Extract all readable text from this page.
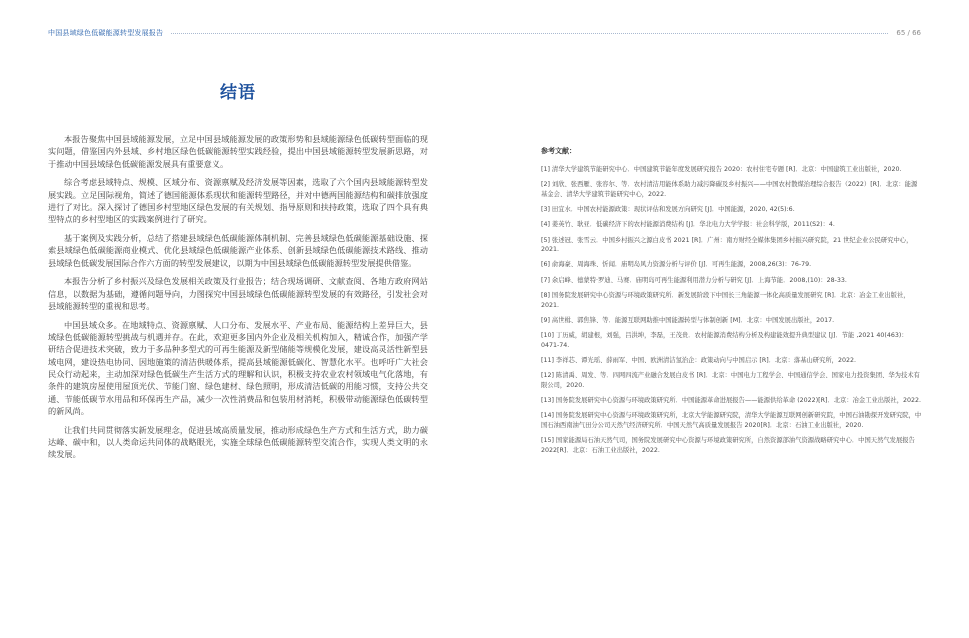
中国县域绿色低碳能源转型发展报告	65 / 66
结语

本报告聚焦中国县域能源发展，立足中国县域能源发展的政策形势和县域能源绿色低碳转型面临的现实问题，借鉴国内外县域、乡村地区绿色低碳能源转型实践经验，提出中国县域能源转型发展新思路，对于推动中国县域绿色低碳能源发展具有重要意义。

综合考虑县域特点、规模、区域分布、资源禀赋及经济发展等因素，选取了六个国内县域能源转型发展实践。立足国际视角，简述了德国能源体系现状和能源转型路径，并对中德两国能源结构和碳排放强度进行了对比。深入探讨了德国乡村型地区绿色发展的有关规划、指导原则和扶持政策，选取了四个具有典型特点的乡村型地区的实践案例进行了研究。

基于案例及实践分析，总结了搭建县域绿色低碳能源体制机制、完善县域绿色低碳能源基础设施、探索县域绿色低碳能源商业模式、优化县域绿色低碳能源产业体系、创新县域绿色低碳能源技术路线、推动县域绿色低碳发展国际合作六方面的转型发展建议，以期为中国县域绿色低碳能源转型发展提供借鉴。

本报告分析了乡村振兴及绿色发展相关政策及行业报告；结合现场调研、文献查阅、各地方政府网站信息，以数据为基础，遵循问题导向，力图探究中国县域绿色低碳能源转型发展的有效路径，引发社会对县域能源转型的重视和思考。

中国县域众多。在地域特点、资源禀赋、人口分布、发展水平、产业布局、能源结构上差异巨大，县域绿色低碳能源转型挑战与机遇并存。在此，欢迎更多国内外企业及相关机构加入，精诚合作，加强产学研结合促进技术突破，致力于多品种多型式的可再生能源及新型储能等规模化发展，建设高灵活性新型县域电网，建设热电协同、因地施策的清洁供暖体系，提高县域能源低碳化、智慧化水平。也呼吁广大社会民众行动起来，主动加深对绿色低碳生产生活方式的理解和认识，积极支持农业农村领域电气化落地，有条件的建筑房屋使用屋顶光伏、节能门窗、绿色建材、绿色照明，形成清洁低碳的用能习惯，支持公共交通、节能低碳节水用品和环保再生产品，减少一次性消费品和包装用材消耗，积极带动能源绿色低碳转型的新风尚。

让我们共同贯彻落实新发展理念，促进县域高质量发展，推动形成绿色生产方式和生活方式，助力碳达峰、碳中和，以人类命运共同体的战略眼光，实施全球绿色低碳能源转型交流合作，实现人类文明的永续发展。

参考文献：
[1] 清华大学建筑节能研究中心．中国建筑节能年度发展研究报告 2020：农村住宅专题 [R]．北京：中国建筑工业出版社，2020.
[2] 刘欣、张西雁、张容尔、等．农村清洁用能体系助力减污降碳及乡村振兴——中国农村散煤治理综合报告（2022）[R]．北京：能源基金会、清华大学建筑节能研究中心，2022.
[3] 田宜水．中国农村能源政策：现状评估和发展方向研究 [J]．中国能源，2020, 42(5):6.
[4] 姜英竹、耿亚．低碳经济下的农村能源消费结构 [J]．华北电力大学学报：社会科学版，2011(S2)：4.
[5] 张述冠、张雪云．中国乡村振兴之源白皮书 2021 [R]．广州：南方财经全媒体集团乡村振兴研究院，21 世纪企业公民研究中心，2021.
[6] 俞海豪、周海珠、忻闻．庙明岛风力资源分析与评价 [J]．可再生能源，2008,26(3)：76-79.
[7] 余启峰、德蒙特·罗迪、马赛．庙明岛可再生能源利用潜力分析与研究 [J]．上海节能．2008,(10)：28-33.
[8] 国务院发展研究中心资源与环境政策研究所．新发展阶段下中国长三角能源一体化高质量发展研究 [R]．北京：冶金工业出版社，2021.
[9] 高世楫、郭焦锋、等．能源互联网助推中国能源转型与体制创新 [M]．北京：中国发展出版社，2017.
[10] 丁历威，胡建根，刘强，吕洪坤，李磊，王茂贵．农村能源消费结构分析及构建能效提升典型建议 [J]．节能 ,2021 40(463)：0471-74.
[11] 李祥芯、谭光瑶、薛雨军、中国、欧洲清洁氢治企：政策动向与中国启示 [R]．北京：落基山研究所，2022.
[12] 陈清禹、周发、等．四网四流产业融合发展白皮书 [R]．北京：中国电力工程学会、中国通信学会、国家电力投资集团、华为技术有限公司，2020.
[13] 国务院发展研究中心资源与环境政策研究所．中国能源革命进展报告——能源供给革命 (2022)[R]．北京：冶金工业出版社，2022.
[14] 国务院发展研究中心资源与环境政策研究所，北京大学能源研究院，清华大学能源互联网创新研究院，中国石油勘探开发研究院，中国石油西南油气田分公司天然气经济研究所．中国天然气高质量发展报告 2020[R]．北京：石油工业出版社，2020.
[15] 国家能源局石油天然气司，国务院发展研究中心资源与环境政策研究所，自然资源部油气资源战略研究中心．中国天然气发展报告 2022[R]．北京：石油工业出版社，2022.
